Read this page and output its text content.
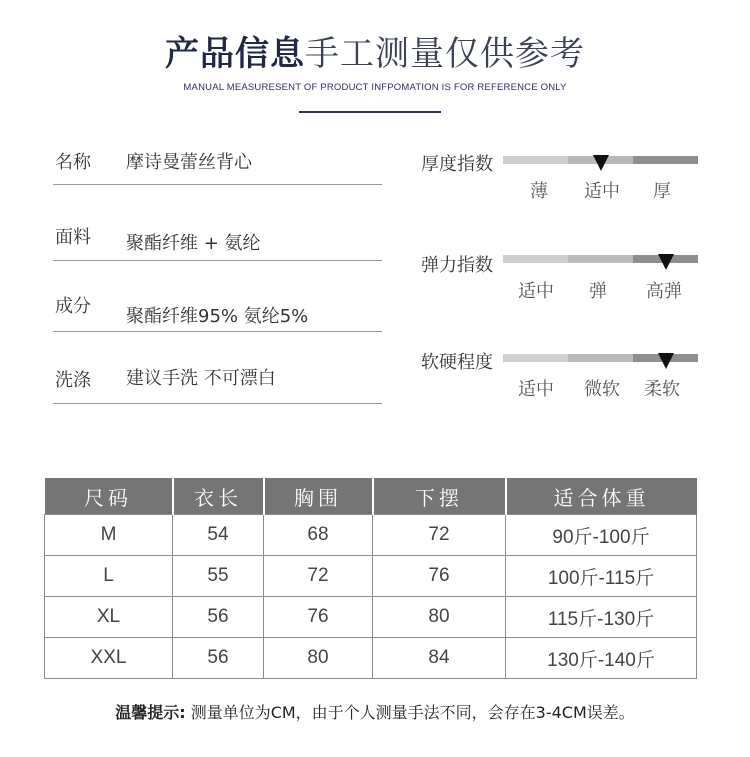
产品信息手工测量仅供参考
MANUAL MEASURESENT OF PRODUCT INFPOMATION IS FOR REFERENCE ONLY
名称 摩诗曼蕾丝背心
面料 聚酯纤维 + 氨纶
成分 聚酯纤维95% 氨纶5%
洗涤 建议手洗 不可漂白
厚度指数
薄	适中	厚
弹力指数
适中	弹	高弹
软硬程度
适中	微软	柔软
尺码	衣长	胸围	下摆	适合体重
M	54	68	72	90斤-100斤
L	55	72	76	100斤-115斤
XL	56	76	80	115斤-130斤
XXL	56	80	84	130斤-140斤
温馨提示: 测量单位为CM，由于个人测量手法不同，会存在3-4CM误差。
